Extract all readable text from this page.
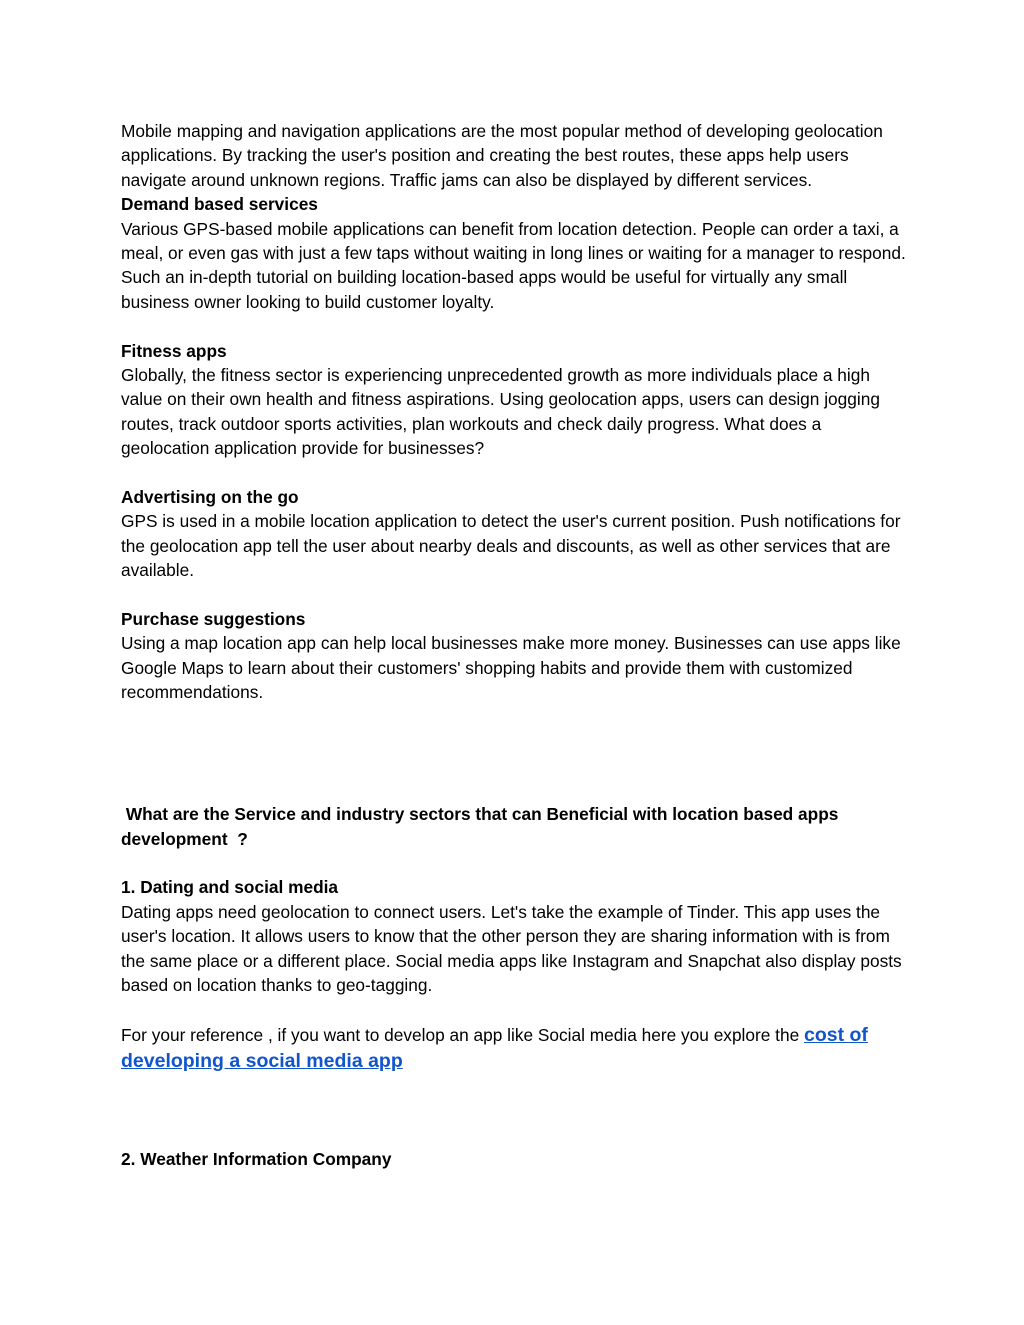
Mobile mapping and navigation applications are the most popular method of developing geolocation applications. By tracking the user's position and creating the best routes, these apps help users navigate around unknown regions. Traffic jams can also be displayed by different services.

Demand based services

Various GPS-based mobile applications can benefit from location detection. People can order a taxi, a meal, or even gas with just a few taps without waiting in long lines or waiting for a manager to respond. Such an in-depth tutorial on building location-based apps would be useful for virtually any small business owner looking to build customer loyalty.

Fitness apps

Globally, the fitness sector is experiencing unprecedented growth as more individuals place a high value on their own health and fitness aspirations. Using geolocation apps, users can design jogging routes, track outdoor sports activities, plan workouts and check daily progress. What does a geolocation application provide for businesses?

Advertising on the go

GPS is used in a mobile location application to detect the user's current position. Push notifications for the geolocation app tell the user about nearby deals and discounts, as well as other services that are available.

Purchase suggestions

Using a map location app can help local businesses make more money. Businesses can use apps like Google Maps to learn about their customers' shopping habits and provide them with customized recommendations.

What are the Service and industry sectors that can Beneficial with location based apps development  ?

1. Dating and social media

Dating apps need geolocation to connect users. Let's take the example of Tinder. This app uses the user's location. It allows users to know that the other person they are sharing information with is from the same place or a different place. Social media apps like Instagram and Snapchat also display posts based on location thanks to geo-tagging.

For your reference , if you want to develop an app like Social media here you explore the cost of developing a social media app

2. Weather Information Company
